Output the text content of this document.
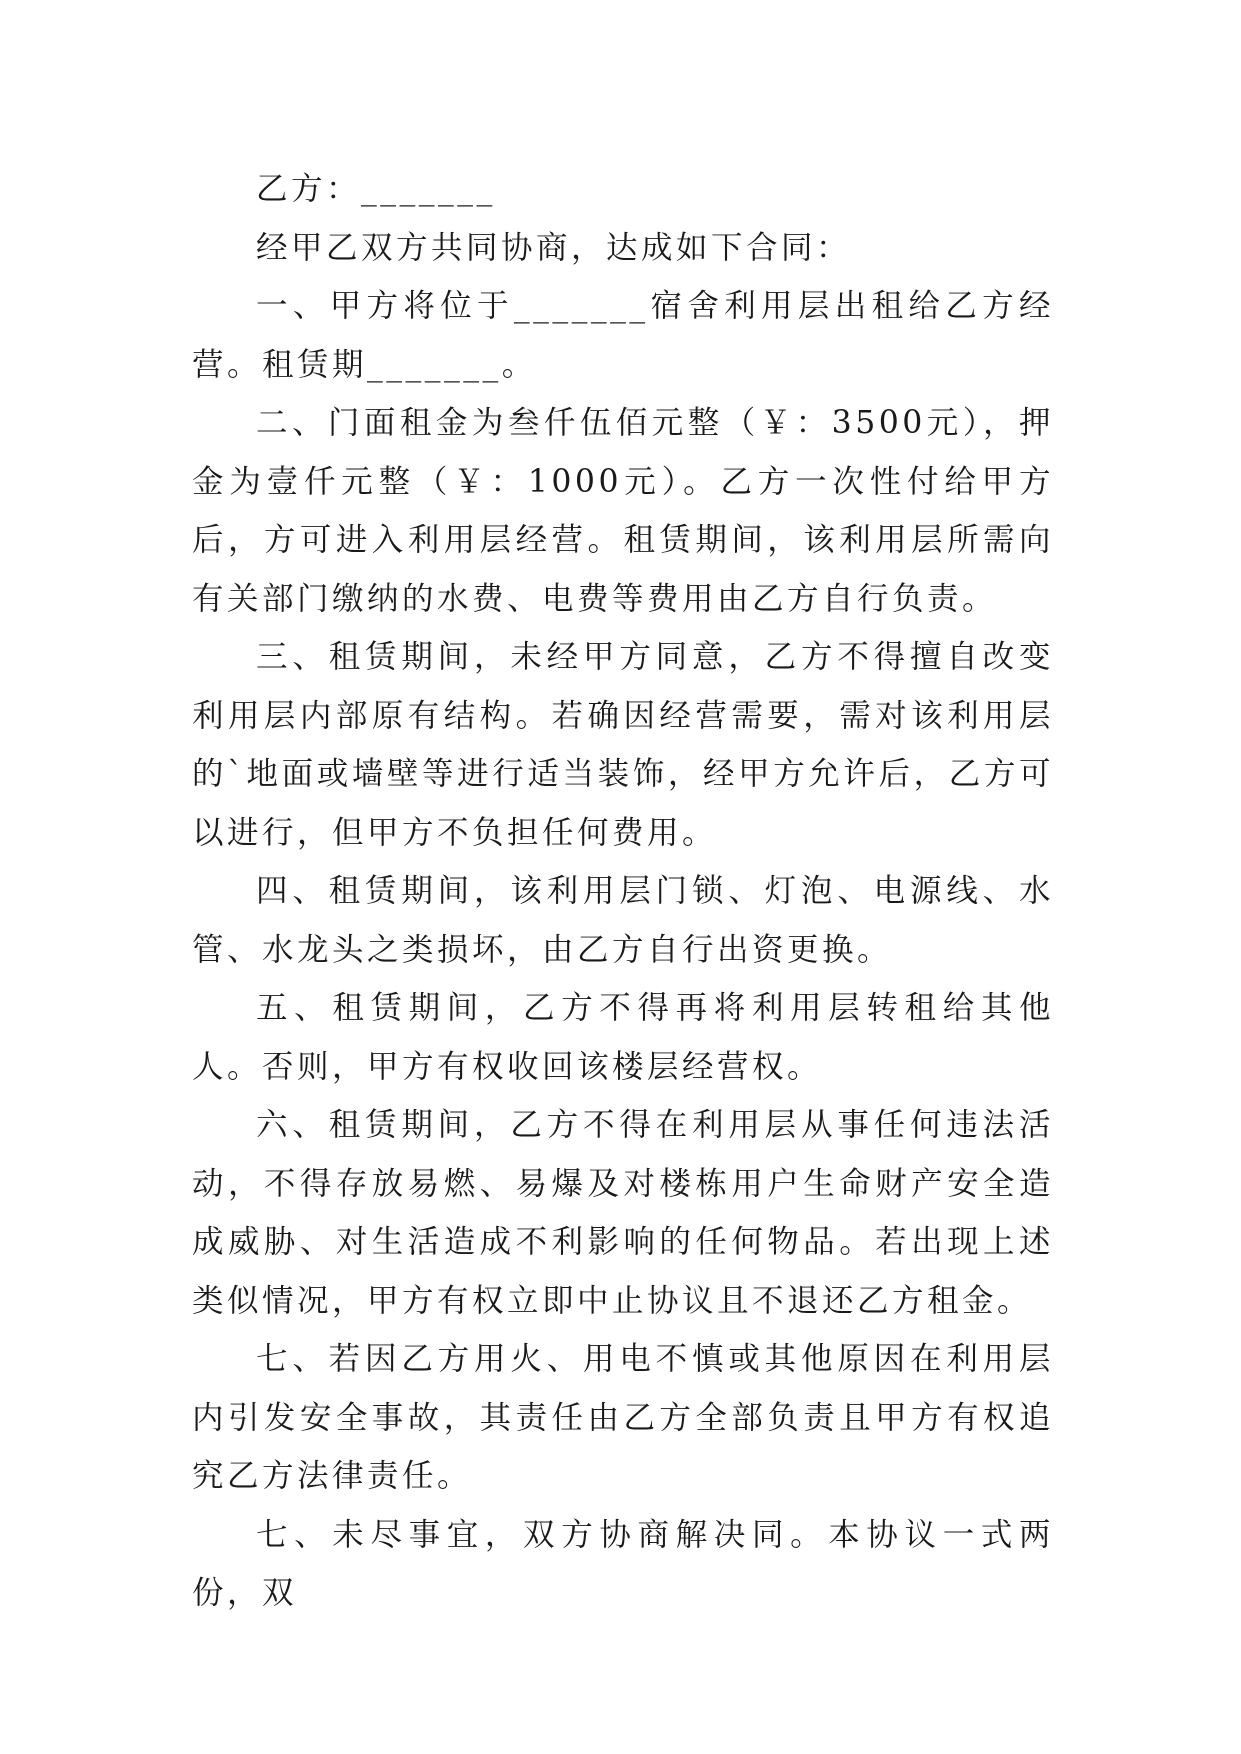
乙方：_______

经甲乙双方共同协商，达成如下合同：

一、甲方将位于_______宿舍利用层出租给乙方经营。租赁期_______。

二、门面租金为叁仟伍佰元整（￥：3500元），押金为壹仟元整（￥：1000元）。乙方一次性付给甲方后，方可进入利用层经营。租赁期间，该利用层所需向有关部门缴纳的水费、电费等费用由乙方自行负责。

三、租赁期间，未经甲方同意，乙方不得擅自改变利用层内部原有结构。若确因经营需要，需对该利用层的`地面或墙壁等进行适当装饰，经甲方允许后，乙方可以进行，但甲方不负担任何费用。

四、租赁期间，该利用层门锁、灯泡、电源线、水管、水龙头之类损坏，由乙方自行出资更换。

五、租赁期间，乙方不得再将利用层转租给其他人。否则，甲方有权收回该楼层经营权。

六、租赁期间，乙方不得在利用层从事任何违法活动，不得存放易燃、易爆及对楼栋用户生命财产安全造成威胁、对生活造成不利影响的任何物品。若出现上述类似情况，甲方有权立即中止协议且不退还乙方租金。

七、若因乙方用火、用电不慎或其他原因在利用层内引发安全事故，其责任由乙方全部负责且甲方有权追究乙方法律责任。

七、未尽事宜，双方协商解决同。本协议一式两份，双
